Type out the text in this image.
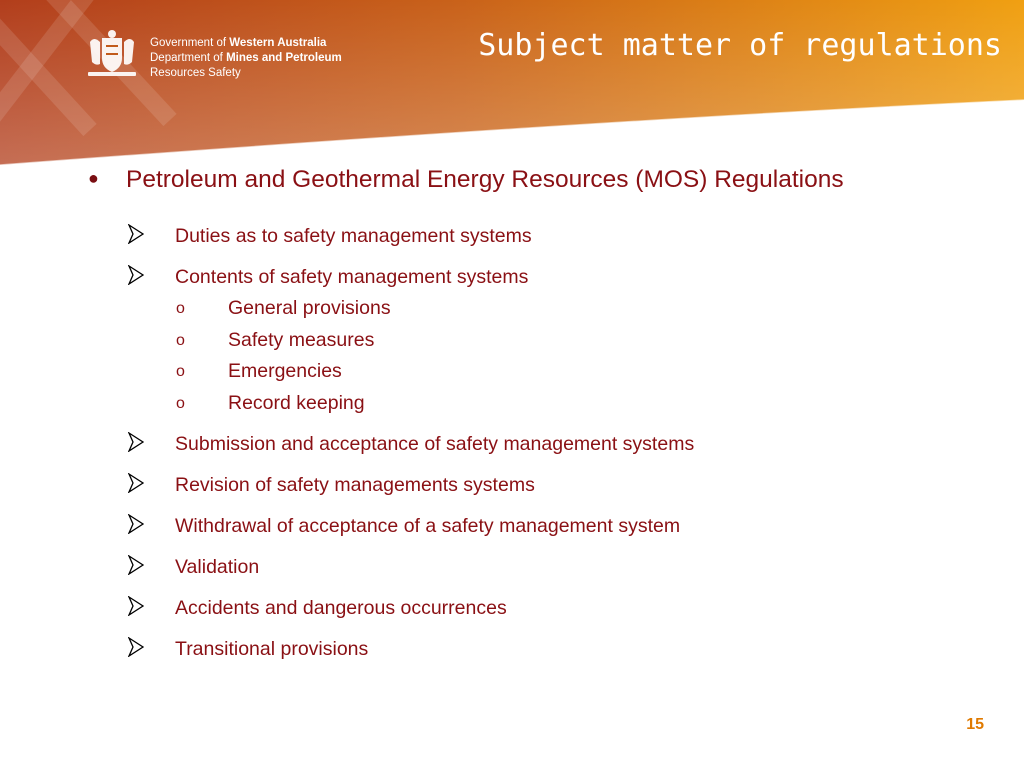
Government of Western Australia
Department of Mines and Petroleum
Resources Safety
Subject matter of regulations
● Petroleum and Geothermal Energy Resources (MOS) Regulations
Duties as to safety management systems
Contents of safety management systems
o General provisions
o Safety measures
o Emergencies
o Record keeping
Submission and acceptance of safety management systems
Revision of safety managements systems
Withdrawal of acceptance of a safety management system
Validation
Accidents and dangerous occurrences
Transitional provisions
15
